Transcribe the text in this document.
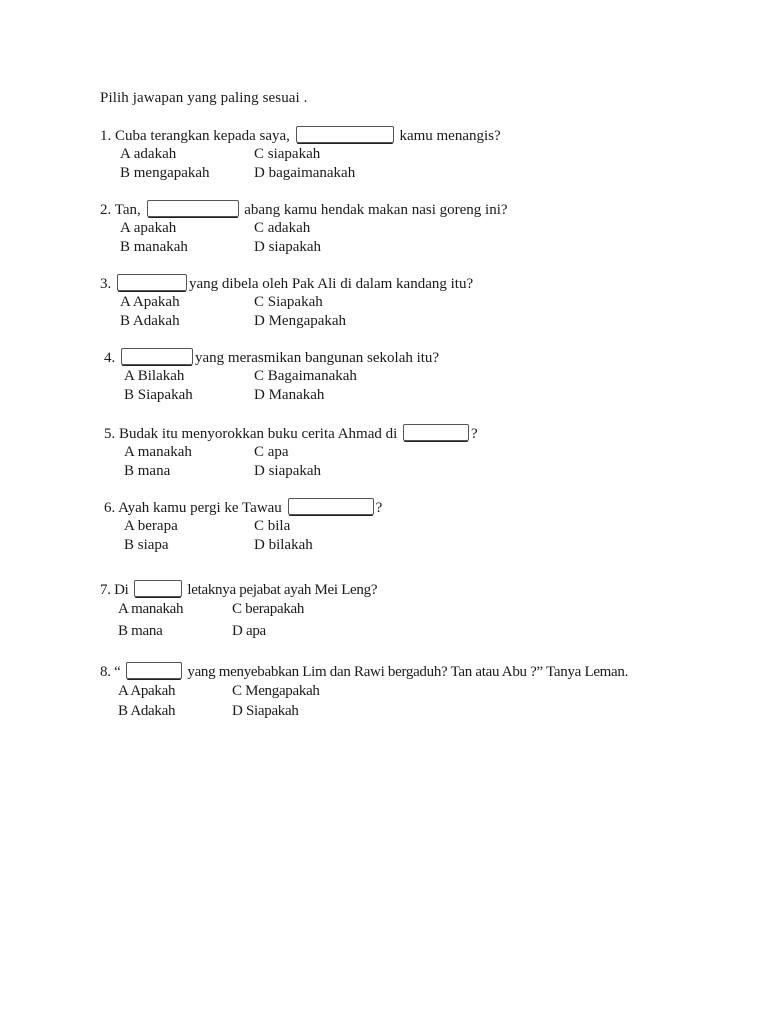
Pilih jawapan yang paling sesuai .
1. Cuba terangkan kepada saya,	kamu menangis?
A adakah	C siapakah
B mengapakah	D bagaimanakah
2. Tan,	abang kamu hendak makan nasi goreng ini?
A apakah	C adakah
B manakah	D siapakah
3.	yang dibela oleh Pak Ali di dalam kandang itu?
A Apakah	C Siapakah
B Adakah	D Mengapakah
4.	yang merasmikan bangunan sekolah itu?
A Bilakah	C Bagaimanakah
B Siapakah	D Manakah
5. Budak itu menyorokkan buku cerita Ahmad di	?
A manakah	C apa
B mana	D siapakah
6. Ayah kamu pergi ke Tawau	?
A berapa	C bila
B siapa	D bilakah
7. Di	letaknya pejabat ayah Mei Leng?
A manakah	C berapakah
B mana	D apa
8. “	yang menyebabkan Lim dan Rawi bergaduh? Tan atau Abu ?” Tanya Leman.
A Apakah	C Mengapakah
B Adakah	D Siapakah
